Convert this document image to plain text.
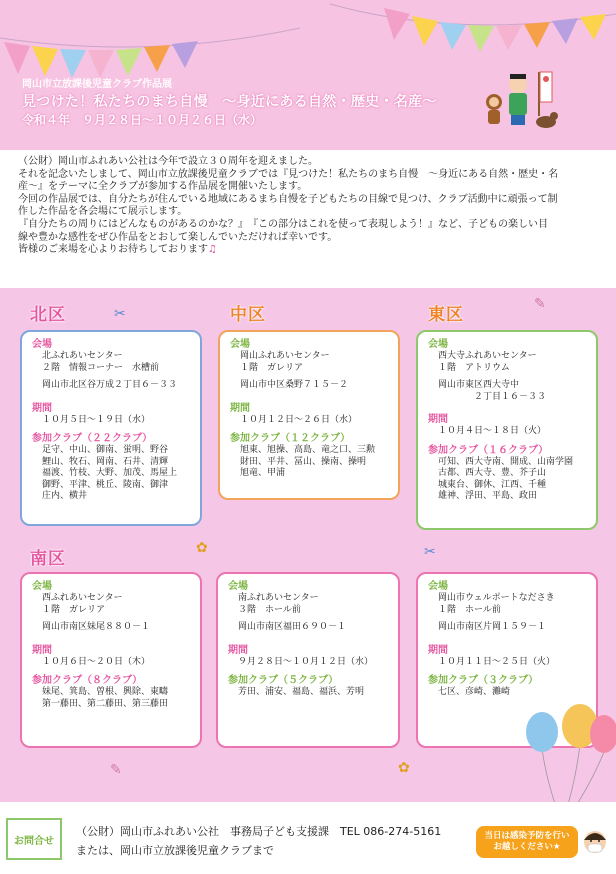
岡山市立放課後児童クラブ作品展
見つけた！私たちのまち自慢　～身近にある自然・歴史・名産～
令和４年　９月２８日～１０月２６日（水）

（公財）岡山市ふれあい公社は今年で設立３０周年を迎えました。

それを記念いたしまして、岡山市立放課後児童クラブでは『見つけた！私たちのまち自慢　～身近にある自然・歴史・名

産～』をテーマに全クラブが参加する作品展を開催いたします。

今回の作品展では、自分たちが住んでいる地域にあるまち自慢を子どもたちの目線で見つけ、クラブ活動中に頑張って制

作した作品を各会場にて展示します。

『自分たちの周りにはどんなものがあるのかな？』　『この部分はこれを使って表現しよう！』など、子どもの楽しい目

線や豊かな感性をぜひ作品をとおして楽しんでいただければ幸いです。

皆様のご来場を心よりお待ちしております♫

北区	中区	東区
南区
✂
✎
✿	✂
✎	✿
会場
北ふれあいセンター
２階　情報コーナー　水槽前
岡山市北区谷万成２丁目６－３３
期間
１０月５日～１９日（水）
参加クラブ（２２クラブ）
足守、中山、御南、蛍明、野谷
鯉山、牧石、岡南、石井、清輝
福渡、竹枝、大野、加茂、馬屋上
御野、平津、桃丘、陵南、御津
庄内、横井
会場
岡山ふれあいセンター
１階　ガレリア
岡山市中区桑野７１５－２
期間
１０月１２日～２６日（水）
参加クラブ（１２クラブ）
旭東、旭操、高島、竜之口、三勲
財田、平井、冨山、操南、操明
旭竜、甲浦
会場
西大寺ふれあいセンター
１階　アトリウム
岡山市東区西大寺中
　　　　２丁目１６－３３
期間
１０月４日～１８日（火）
参加クラブ（１６クラブ）
可知、西大寺南、開成、山南学園
古都、西大寺、豊、芥子山
城東台、御休、江西、千種
雄神、浮田、平島、政田
会場
西ふれあいセンター
１階　ガレリア
岡山市南区妹尾８８０－１
期間
１０月６日～２０日（木）
参加クラブ（８クラブ）
妹尾、箕島、曽根、興除、東疇
第一藤田、第二藤田、第三藤田
会場
南ふれあいセンター
３階　ホール前
岡山市南区福田６９０－１
期間
９月２８日～１０月１２日（水）
参加クラブ（５クラブ）
芳田、浦安、福島、福浜、芳明
会場
岡山市ウェルポートなださき
１階　ホール前
岡山市南区片岡１５９－１
期間
１０月１１日～２５日（火）
参加クラブ（３クラブ）
七区、彦崎、灘崎
お問合せ
（公財）岡山市ふれあい公社　事務局子ども支援課　TEL 086-274-5161
または、岡山市立放課後児童クラブまで
当日は感染予防を行い
お越しください★
